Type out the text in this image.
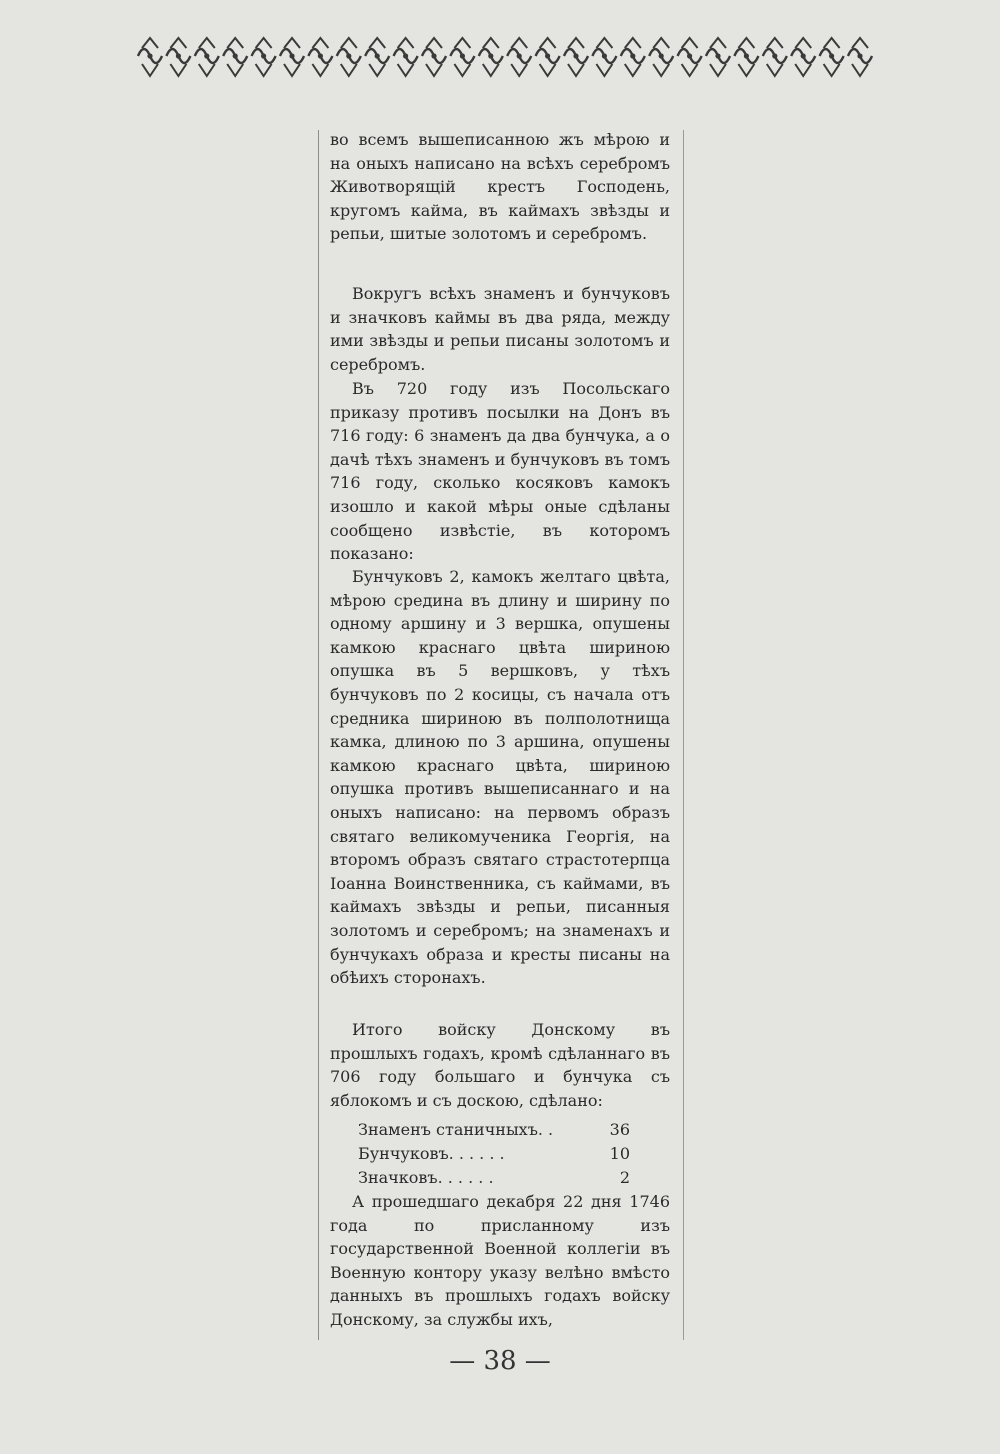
во всемъ вышеписанною жъ мѣрою и на оныхъ написано на всѣхъ серебромъ Животворящій крестъ Господень, кругомъ кайма, въ каймахъ звѣзды и репьи, шитые золотомъ и серебромъ.

Вокругъ всѣхъ знаменъ и бунчуковъ и значковъ каймы въ два ряда, между ими звѣзды и репьи писаны золотомъ и серебромъ.

Въ 720 году изъ Посольскаго приказу противъ посылки на Донъ въ 716 году: 6 знаменъ да два бунчука, а о дачѣ тѣхъ знаменъ и бунчуковъ въ томъ 716 году, сколько косяковъ камокъ изошло и какой мѣры оные сдѣланы сообщено извѣстіе, въ которомъ показано:

Бунчуковъ 2, камокъ желтаго цвѣта, мѣрою средина въ длину и ширину по одному аршину и 3 вершка, опушены камкою краснаго цвѣта шириною опушка въ 5 вершковъ, у тѣхъ бунчуковъ по 2 косицы, съ начала отъ средника шириною въ полполотнища камка, длиною по 3 аршина, опушены камкою краснаго цвѣта, шириною опушка противъ вышеписаннаго и на оныхъ написано: на первомъ образъ святаго великомученика Георгія, на второмъ образъ святаго страстотерпца Іоанна Воинственника, съ каймами, въ каймахъ звѣзды и репьи, писанныя золотомъ и серебромъ; на знаменахъ и бунчукахъ образа и кресты писаны на обѣихъ сторонахъ.

Итого войску Донскому въ прошлыхъ годахъ, кромѣ сдѣланнаго въ 706 году большаго и бунчука съ яблокомъ и съ доскою, сдѣлано:

Знаменъ станичныхъ . .	36
Бунчуковъ . . . . . .	10
Значковъ . . . . . .	2

А прошедшаго декабря 22 дня 1746 года по присланному изъ государственной Военной коллегіи въ Военную контору указу велѣно вмѣсто данныхъ въ прошлыхъ годахъ войску Донскому, за службы ихъ,

— 38 —
